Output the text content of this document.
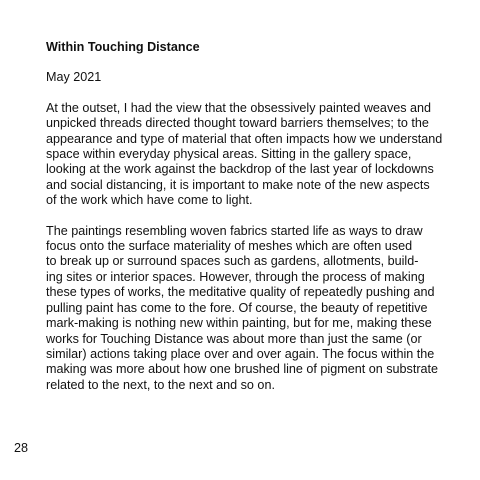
Within Touching Distance
May 2021
At the outset, I had the view that the obsessively painted weaves and
unpicked threads directed thought toward barriers themselves; to the
appearance and type of material that often impacts how we understand
space within everyday physical areas. Sitting in the gallery space,
looking at the work against the backdrop of the last year of lockdowns
and social distancing, it is important to make note of the new aspects
of the work which have come to light.
The paintings resembling woven fabrics started life as ways to draw
focus onto the surface materiality of meshes which are often used
to break up or surround spaces such as gardens, allotments, build-
ing sites or interior spaces. However, through the process of making
these types of works, the meditative quality of repeatedly pushing and
pulling paint has come to the fore. Of course, the beauty of repetitive
mark-making is nothing new within painting, but for me, making these
works for Touching Distance was about more than just the same (or
similar) actions taking place over and over again. The focus within the
making was more about how one brushed line of pigment on substrate
related to the next, to the next and so on.
28
